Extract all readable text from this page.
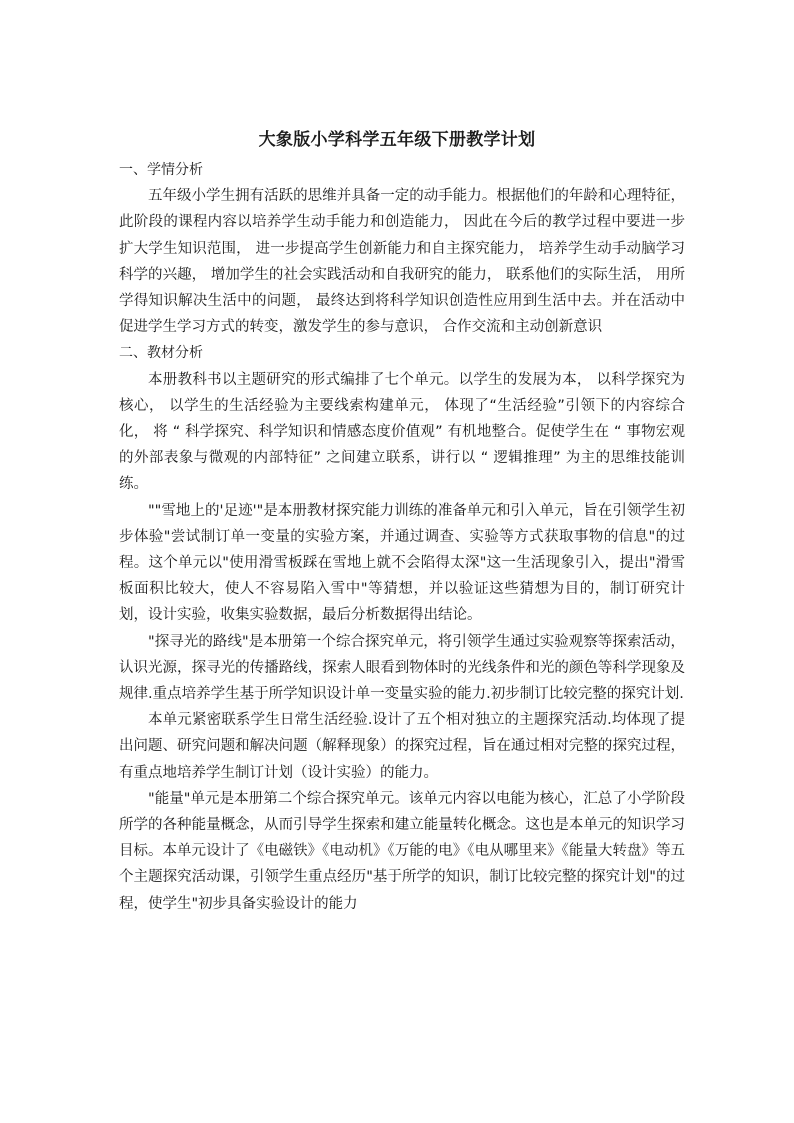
大象版小学科学五年级下册教学计划

一、学情分析

五年级小学生拥有活跃的思维并具备一定的动手能力。根据他们的年龄和心理特征， 此阶段的课程内容以培养学生动手能力和创造能力， 因此在今后的教学过程中要进一步扩大学生知识范围， 进一步提高学生创新能力和自主探究能力， 培养学生动手动脑学习科学的兴趣， 增加学生的社会实践活动和自我研究的能力， 联系他们的实际生活， 用所学得知识解决生活中的问题， 最终达到将科学知识创造性应用到生活中去。并在活动中促进学生学习方式的转变，激发学生的参与意识， 合作交流和主动创新意识

二、教材分析

本册教科书以主题研究的形式编排了七个单元。以学生的发展为本， 以科学探究为核心， 以学生的生活经验为主要线索构建单元， 体现了“生活经验”引领下的内容综合化， 将 “ 科学探究、科学知识和情感态度价值观” 有机地整合。促使学生在 “ 事物宏观的外部表象与微观的内部特征” 之间建立联系，讲行以 “ 逻辑推理” 为主的思维技能训练。

""雪地上的'足迹'"是本册教材探究能力训练的准备单元和引入单元，旨在引领学生初步体验"尝试制订单一变量的实验方案，并通过调查、实验等方式获取事物的信息"的过程。这个单元以"使用滑雪板踩在雪地上就不会陷得太深"这一生活现象引入，提出"滑雪板面积比较大，使人不容易陷入雪中"等猜想，并以验证这些猜想为目的，制订研究计划，设计实验，收集实验数据，最后分析数据得出结论。

"探寻光的路线"是本册第一个综合探究单元，将引领学生通过实验观察等探索活动，认识光源，探寻光的传播路线，探索人眼看到物体时的光线条件和光的颜色等科学现象及规律.重点培养学生基于所学知识设计单一变量实验的能力.初步制订比较完整的探究计划.

本单元紧密联系学生日常生活经验.设计了五个相对独立的主题探究活动.均体现了提出问题、研究问题和解决问题（解释现象）的探究过程，旨在通过相对完整的探究过程，有重点地培养学生制订计划（设计实验）的能力。

"能量"单元是本册第二个综合探究单元。该单元内容以电能为核心，汇总了小学阶段所学的各种能量概念，从而引导学生探索和建立能量转化概念。这也是本单元的知识学习目标。本单元设计了《电磁铁》《电动机》《万能的电》《电从哪里来》《能量大转盘》等五个主题探究活动课，引领学生重点经历"基于所学的知识，制订比较完整的探究计划"的过程，使学生"初步具备实验设计的能力
